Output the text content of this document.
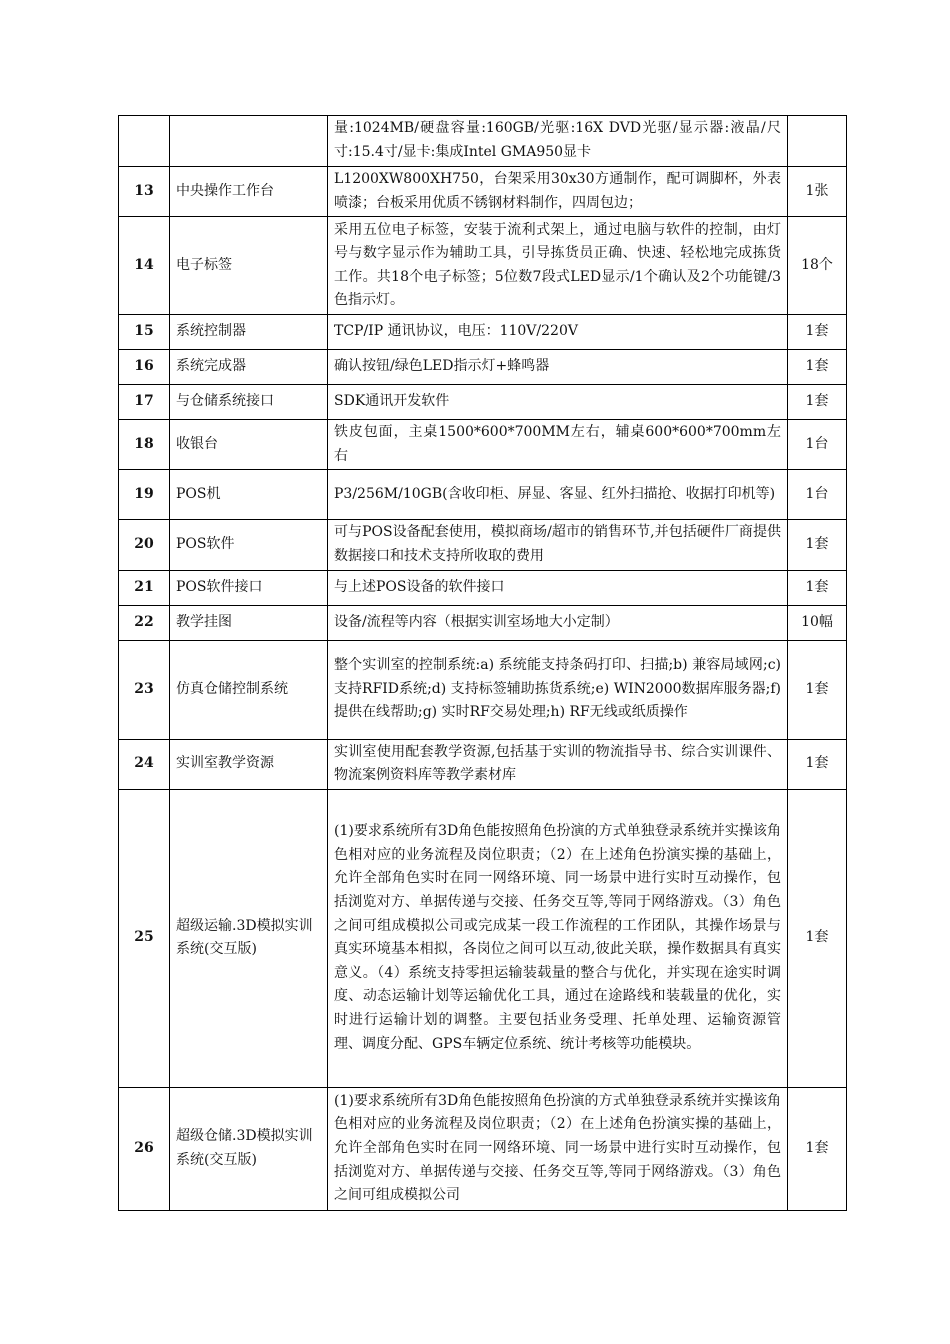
		量:1024MB/硬盘容量:160GB/光驱:16X DVD光驱/显示器:液晶/尺寸:15.4寸/显卡:集成Intel GMA950显卡	
13	中央操作工作台	L1200XW800XH750，台架采用30x30方通制作，配可调脚杯，外表喷漆；台板采用优质不锈钢材料制作，四周包边；	1张
14	电子标签	采用五位电子标签，安装于流利式架上，通过电脑与软件的控制，由灯号与数字显示作为辅助工具，引导拣货员正确、快速、轻松地完成拣货工作。共18个电子标签；5位数7段式LED显示/1个确认及2个功能键/3色指示灯。	18个
15	系统控制器	TCP/IP 通讯协议，电压：110V/220V	1套
16	系统完成器	确认按钮/绿色LED指示灯+蜂鸣器	1套
17	与仓储系统接口	SDK通讯开发软件	1套
18	收银台	铁皮包面，主桌1500*600*700MM左右，辅桌600*600*700mm左右	1台
19	POS机	P3/256M/10GB(含收印柜、屏显、客显、红外扫描抢、收据打印机等)	1台
20	POS软件	可与POS设备配套使用，模拟商场/超市的销售环节,并包括硬件厂商提供数据接口和技术支持所收取的费用	1套
21	POS软件接口	与上述POS设备的软件接口	1套
22	教学挂图	设备/流程等内容（根据实训室场地大小定制）	10幅
23	仿真仓储控制系统	整个实训室的控制系统:a) 系统能支持条码打印、扫描;b) 兼容局域网;c) 支持RFID系统;d) 支持标签辅助拣货系统;e) WIN2000数据库服务器;f) 提供在线帮助;g) 实时RF交易处理;h) RF无线或纸质操作	1套
24	实训室教学资源	实训室使用配套教学资源,包括基于实训的物流指导书、综合实训课件、物流案例资料库等教学素材库	1套
25	超级运输.3D模拟实训系统(交互版)	(1)要求系统所有3D角色能按照角色扮演的方式单独登录系统并实操该角色相对应的业务流程及岗位职责；（2）在上述角色扮演实操的基础上，允许全部角色实时在同一网络环境、同一场景中进行实时互动操作，包括浏览对方、单据传递与交接、任务交互等,等同于网络游戏。（3）角色之间可组成模拟公司或完成某一段工作流程的工作团队，其操作场景与真实环境基本相拟，各岗位之间可以互动,彼此关联，操作数据具有真实意义。（4）系统支持零担运输装载量的整合与优化，并实现在途实时调度、动态运输计划等运输优化工具，通过在途路线和装载量的优化，实时进行运输计划的调整。主要包括业务受理、托单处理、运输资源管理、调度分配、GPS车辆定位系统、统计考核等功能模块。	1套
26	超级仓储.3D模拟实训系统(交互版)	(1)要求系统所有3D角色能按照角色扮演的方式单独登录系统并实操该角色相对应的业务流程及岗位职责；（2）在上述角色扮演实操的基础上，允许全部角色实时在同一网络环境、同一场景中进行实时互动操作，包括浏览对方、单据传递与交接、任务交互等,等同于网络游戏。（3）角色之间可组成模拟公司	1套
